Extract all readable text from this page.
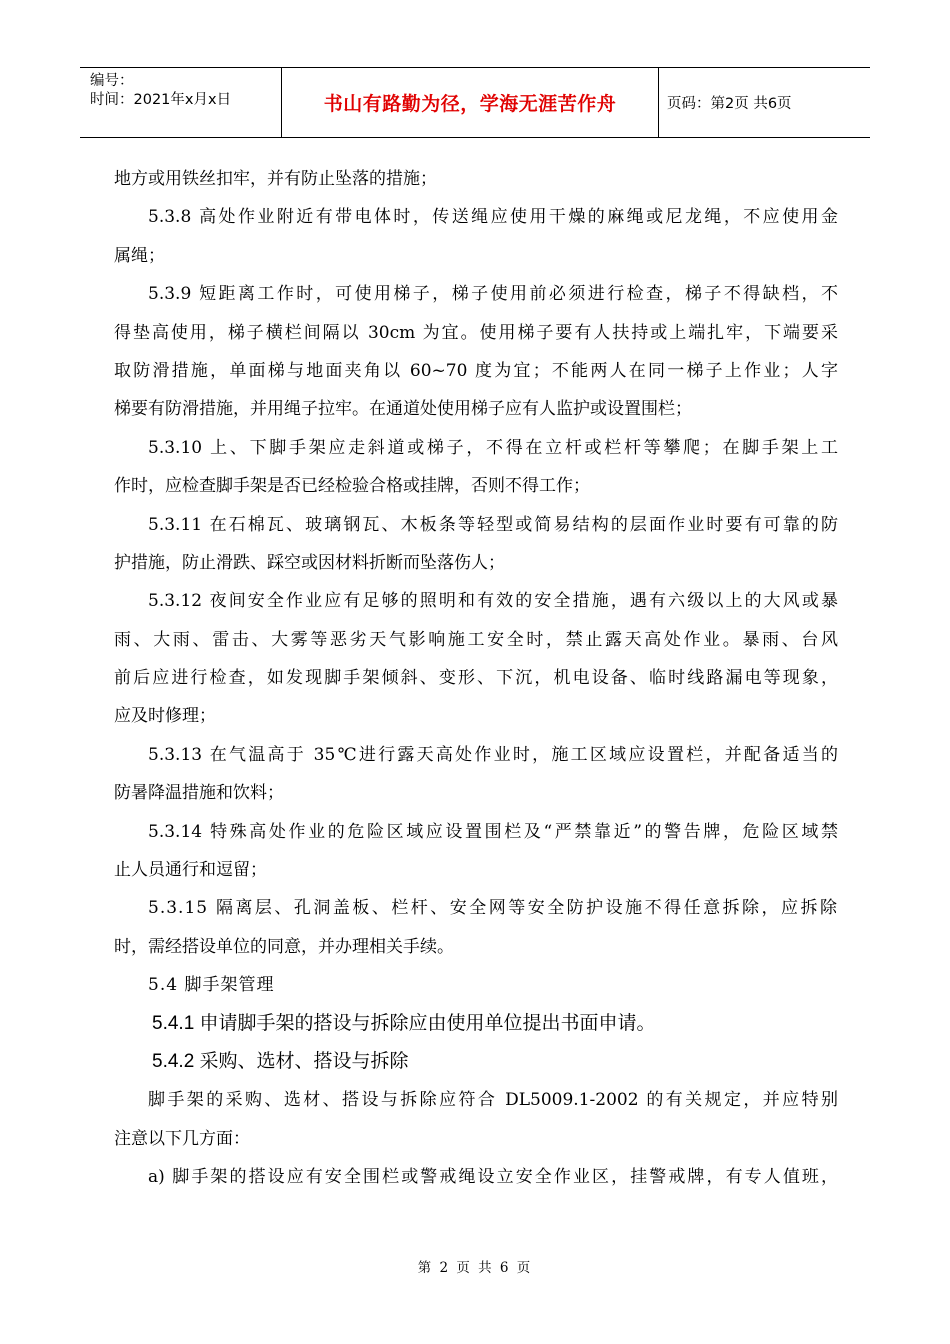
编号：
时间：2021年x月x日	书山有路勤为径，学海无涯苦作舟	页码：第2页 共6页
地方或用铁丝扣牢，并有防止坠落的措施；
5.3.8 高处作业附近有带电体时，传送绳应使用干燥的麻绳或尼龙绳，不应使用金
属绳；
5.3.9 短距离工作时，可使用梯子，梯子使用前必须进行检查，梯子不得缺档，不
得垫高使用，梯子横栏间隔以 30cm 为宜。使用梯子要有人扶持或上端扎牢，下端要采
取防滑措施，单面梯与地面夹角以 60~70 度为宜；不能两人在同一梯子上作业；人字
梯要有防滑措施，并用绳子拉牢。在通道处使用梯子应有人监护或设置围栏；
5.3.10 上、下脚手架应走斜道或梯子，不得在立杆或栏杆等攀爬；在脚手架上工
作时，应检查脚手架是否已经检验合格或挂牌，否则不得工作；
5.3.11 在石棉瓦、玻璃钢瓦、木板条等轻型或简易结构的层面作业时要有可靠的防
护措施，防止滑跌、踩空或因材料折断而坠落伤人；
5.3.12 夜间安全作业应有足够的照明和有效的安全措施，遇有六级以上的大风或暴
雨、大雨、雷击、大雾等恶劣天气影响施工安全时，禁止露天高处作业。暴雨、台风
前后应进行检查，如发现脚手架倾斜、变形、下沉，机电设备、临时线路漏电等现象，
应及时修理；
5.3.13 在气温高于 35℃进行露天高处作业时，施工区域应设置栏，并配备适当的
防暑降温措施和饮料；
5.3.14 特殊高处作业的危险区域应设置围栏及“严禁靠近”的警告牌，危险区域禁
止人员通行和逗留；
5.3.15 隔离层、孔洞盖板、栏杆、安全网等安全防护设施不得任意拆除，应拆除
时，需经搭设单位的同意，并办理相关手续。
5.4 脚手架管理
5.4.1 申请脚手架的搭设与拆除应由使用单位提出书面申请。
5.4.2 采购、选材、搭设与拆除
脚手架的采购、选材、搭设与拆除应符合 DL5009.1-2002 的有关规定，并应特别
注意以下几方面：
a) 脚手架的搭设应有安全围栏或警戒绳设立安全作业区，挂警戒牌，有专人值班，
第 2 页 共 6 页
